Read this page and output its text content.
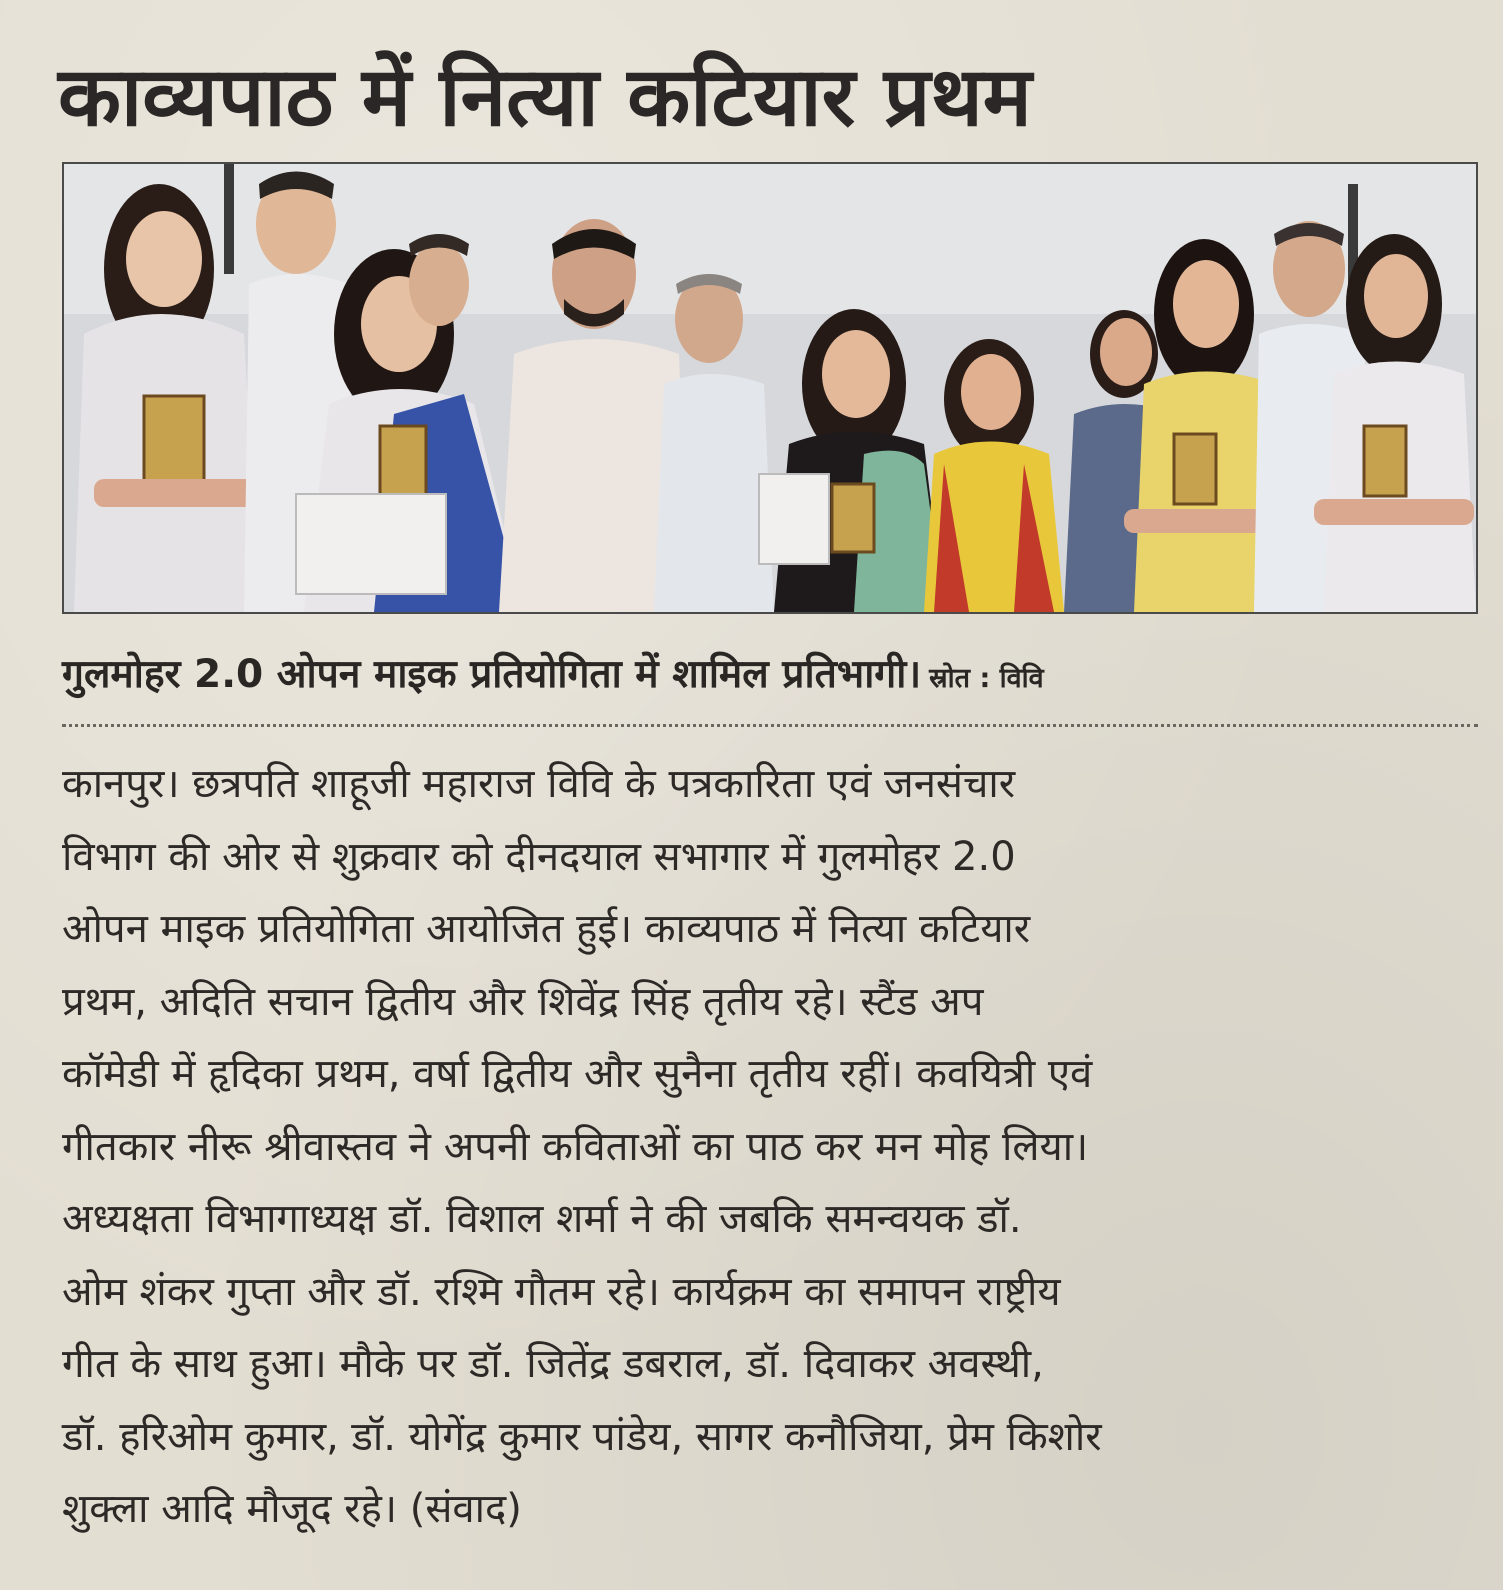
काव्यपाठ में नित्या कटियार प्रथम
गुलमोहर 2.0 ओपन माइक प्रतियोगिता में शामिल प्रतिभागी। स्रोत : विवि
कानपुर। छत्रपति शाहूजी महाराज विवि के पत्रकारिता एवं जनसंचार
विभाग की ओर से शुक्रवार को दीनदयाल सभागार में गुलमोहर 2.0
ओपन माइक प्रतियोगिता आयोजित हुई। काव्यपाठ में नित्या कटियार
प्रथम, अदिति सचान द्वितीय और शिवेंद्र सिंह तृतीय रहे। स्टैंड अप
कॉमेडी में हृदिका प्रथम, वर्षा द्वितीय और सुनैना तृतीय रहीं। कवयित्री एवं
गीतकार नीरू श्रीवास्तव ने अपनी कविताओं का पाठ कर मन मोह लिया।
अध्यक्षता विभागाध्यक्ष डॉ. विशाल शर्मा ने की जबकि समन्वयक डॉ.
ओम शंकर गुप्ता और डॉ. रश्मि गौतम रहे। कार्यक्रम का समापन राष्ट्रीय
गीत के साथ हुआ। मौके पर डॉ. जितेंद्र डबराल, डॉ. दिवाकर अवस्थी,
डॉ. हरिओम कुमार, डॉ. योगेंद्र कुमार पांडेय, सागर कनौजिया, प्रेम किशोर
शुक्ला आदि मौजूद रहे। (संवाद)
